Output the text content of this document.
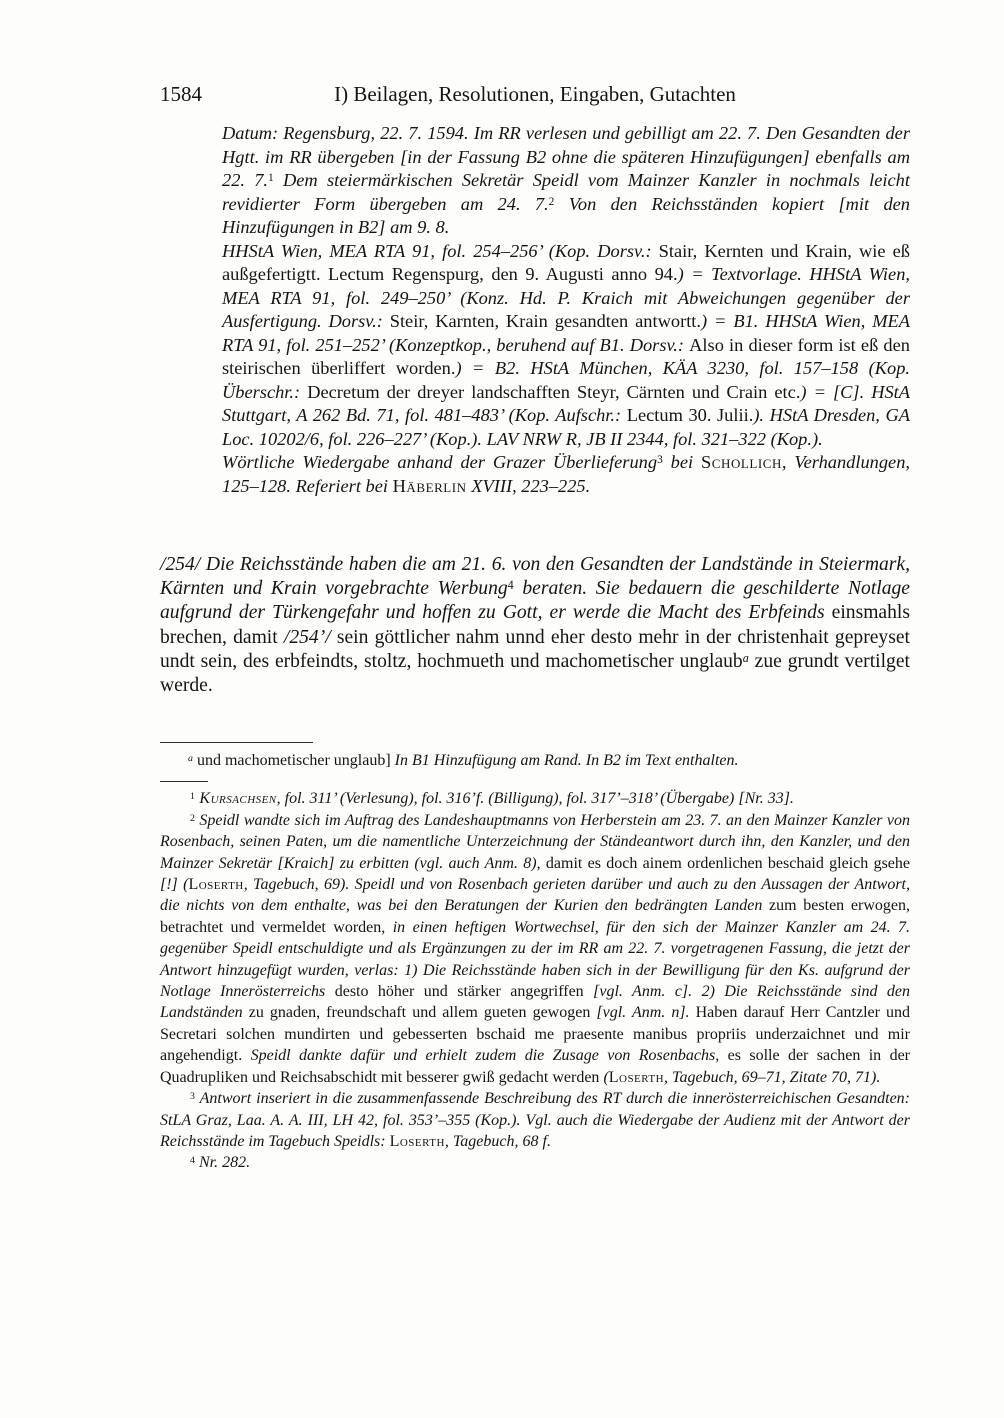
1584	I) Beilagen, Resolutionen, Eingaben, Gutachten

Datum: Regensburg, 22. 7. 1594. Im RR verlesen und gebilligt am 22. 7. Den Gesandten der Hgtt. im RR übergeben [in der Fassung B2 ohne die späteren Hinzufügungen] ebenfalls am 22. 7.$^1$ Dem steiermärkischen Sekretär Speidl vom Mainzer Kanzler in nochmals leicht revidierter Form übergeben am 24. 7.$^2$ Von den Reichsständen kopiert [mit den Hinzufügungen in B2] am 9. 8.

HHStA Wien, MEA RTA 91, fol. 254–256’ (Kop. Dorsv.: Stair, Kernten und Krain, wie eß außgefertigtt. Lectum Regenspurg, den 9. Augusti anno 94.) = Textvorlage. HHStA Wien, MEA RTA 91, fol. 249–250’ (Konz. Hd. P. Kraich mit Abweichungen gegenüber der Ausfertigung. Dorsv.: Steir, Karnten, Krain gesandten antwortt.) = B1. HHStA Wien, MEA RTA 91, fol. 251–252’ (Konzeptkop., beruhend auf B1. Dorsv.: Also in dieser form ist eß den steirischen überliffert worden.) = B2. HStA München, KÄA 3230, fol. 157–158 (Kop. Überschr.: Decretum der dreyer landschafften Steyr, Cärnten und Crain etc.) = [C]. HStA Stuttgart, A 262 Bd. 71, fol. 481–483’ (Kop. Aufschr.: Lectum 30. Julii.). HStA Dresden, GA Loc. 10202/6, fol. 226–227’ (Kop.). LAV NRW R, JB II 2344, fol. 321–322 (Kop.).

Wörtliche Wiedergabe anhand der Grazer Überlieferung$^3$ bei Schollich, Verhandlungen, 125–128. Referiert bei Häberlin XVIII, 223–225.

/254/ Die Reichsstände haben die am 21. 6. von den Gesandten der Landstände in Steiermark, Kärnten und Krain vorgebrachte Werbung$^4$ beraten. Sie bedauern die geschilderte Notlage aufgrund der Türkengefahr und hoffen zu Gott, er werde die Macht des Erbfeinds einsmahls brechen, damit /254’/ sein göttlicher nahm unnd eher desto mehr in der christenhait gepreyset undt sein, des erbfeindts, stoltz, hochmueth und machometischer unglaub$^a$ zue grundt vertilget werde.

$^a$ und machometischer unglaub] In B1 Hinzufügung am Rand. In B2 im Text enthalten.

$^1$ Kursachsen, fol. 311’ (Verlesung), fol. 316’f. (Billigung), fol. 317’–318’ (Übergabe) [Nr. 33].

$^2$ Speidl wandte sich im Auftrag des Landeshauptmanns von Herberstein am 23. 7. an den Mainzer Kanzler von Rosenbach, seinen Paten, um die namentliche Unterzeichnung der Ständeantwort durch ihn, den Kanzler, und den Mainzer Sekretär [Kraich] zu erbitten (vgl. auch Anm. 8), damit es doch ainem ordenlichen beschaid gleich gsehe [!] (Loserth, Tagebuch, 69). Speidl und von Rosenbach gerieten darüber und auch zu den Aussagen der Antwort, die nichts von dem enthalte, was bei den Beratungen der Kurien den bedrängten Landen zum besten erwogen, betrachtet und vermeldet worden, in einen heftigen Wortwechsel, für den sich der Mainzer Kanzler am 24. 7. gegenüber Speidl entschuldigte und als Ergänzungen zu der im RR am 22. 7. vorgetragenen Fassung, die jetzt der Antwort hinzugefügt wurden, verlas: 1) Die Reichsstände haben sich in der Bewilligung für den Ks. aufgrund der Notlage Innerösterreichs desto höher und stärker angegriffen [vgl. Anm. c]. 2) Die Reichsstände sind den Landständen zu gnaden, freundschaft und allem gueten gewogen [vgl. Anm. n]. Haben darauf Herr Cantzler und Secretari solchen mundirten und gebesserten bschaid me praesente manibus propriis underzaichnet und mir angehendigt. Speidl dankte dafür und erhielt zudem die Zusage von Rosenbachs, es solle der sachen in der Quadrupliken und Reichsabschidt mit besserer gwiß gedacht werden (Loserth, Tagebuch, 69–71, Zitate 70, 71).

$^3$ Antwort inseriert in die zusammenfassende Beschreibung des RT durch die innerösterreichischen Gesandten: StLA Graz, Laa. A. A. III, LH 42, fol. 353’–355 (Kop.). Vgl. auch die Wiedergabe der Audienz mit der Antwort der Reichsstände im Tagebuch Speidls: Loserth, Tagebuch, 68 f.

$^4$ Nr. 282.
